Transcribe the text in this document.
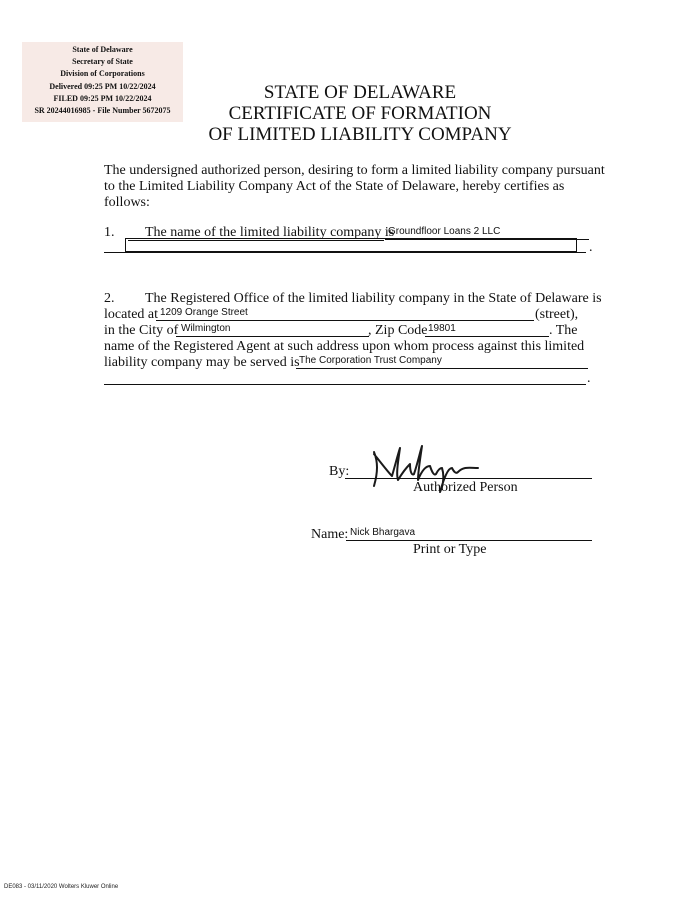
State of Delaware
Secretary of State
Division of Corporations
Delivered 09:25 PM 10/22/2024
FILED 09:25 PM 10/22/2024
SR 20244016985 - File Number 5672075
STATE OF DELAWARE
CERTIFICATE OF FORMATION
OF LIMITED LIABILITY COMPANY
The undersigned authorized person, desiring to form a limited liability company pursuant
to the Limited Liability Company Act of the State of Delaware, hereby certifies as
follows:
1. The name of the limited liability company is
Groundfloor Loans 2 LLC
.
2. The Registered Office of the limited liability company in the State of Delaware is
located at 1209 Orange Street	(street),
in the City of Wilmington	, Zip Code 19801	. The
name of the Registered Agent at such address upon whom process against this limited
liability company may be served is The Corporation Trust Company
.
By:
Authorized Person
Name: Nick Bhargava
Print or Type
DE083 - 03/11/2020 Wolters Kluwer Online
